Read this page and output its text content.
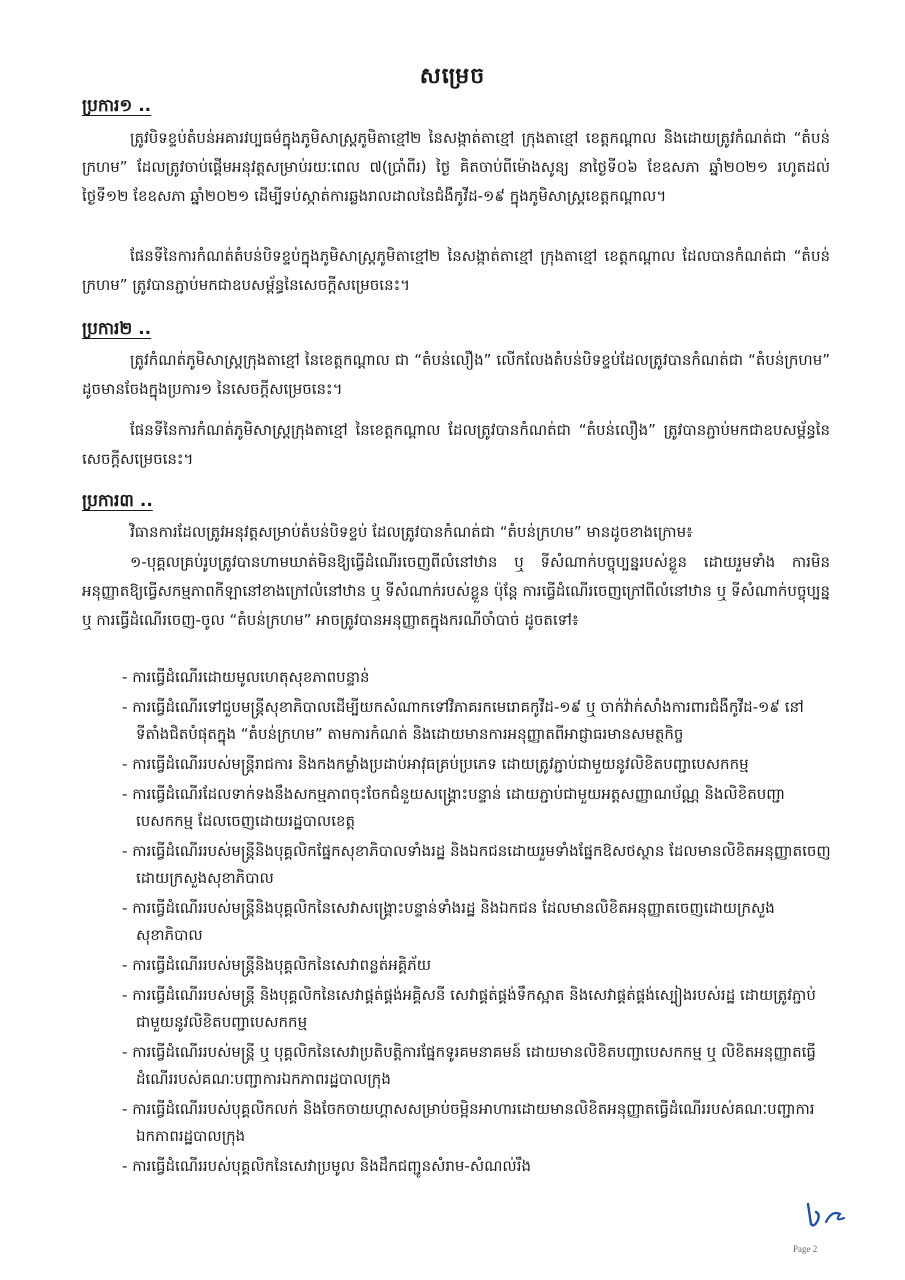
សម្រេច
ប្រការ១ ..
ត្រូវបិទខ្ទប់តំបន់អគារវប្បធម៌ក្នុងភូមិសាស្ត្រភូមិតាខ្មៅ២ នៃសង្កាត់តាខ្មៅ ក្រុងតាខ្មៅ ខេត្តកណ្តាល និងដោយត្រូវកំណត់ជា “តំបន់ក្រហម” ដែលត្រូវចាប់ផ្តើមអនុវត្តសម្រាប់រយៈពេល ៧(ប្រាំពីរ) ថ្ងៃ គិតចាប់ពីម៉ោងសូន្យ នាថ្ងៃទី០៦ ខែឧសភា ឆ្នាំ២០២១ រហូតដល់ថ្ងៃទី១២ ខែឧសភា ឆ្នាំ២០២១ ដើម្បីទប់ស្កាត់ការឆ្លងរាលដាលនៃជំងឺកូវីដ-១៩ ក្នុងភូមិសាស្ត្រខេត្តកណ្តាល។
ផែនទីនៃការកំណត់តំបន់បិទខ្ទប់ក្នុងភូមិសាស្ត្រភូមិតាខ្មៅ២ នៃសង្កាត់តាខ្មៅ ក្រុងតាខ្មៅ ខេត្តកណ្តាល ដែលបានកំណត់ជា “តំបន់ក្រហម” ត្រូវបានភ្ជាប់មកជាឧបសម្ព័ន្ធនៃសេចក្តីសម្រេចនេះ។
ប្រការ២ ..
ត្រូវកំណត់ភូមិសាស្ត្រក្រុងតាខ្មៅ នៃខេត្តកណ្តាល ជា “តំបន់លឿង” លើកលែងតំបន់បិទខ្ទប់ដែលត្រូវបានកំណត់ជា “តំបន់ក្រហម” ដូចមានចែងក្នុងប្រការ១ នៃសេចក្តីសម្រេចនេះ។
ផែនទីនៃការកំណត់ភូមិសាស្ត្រក្រុងតាខ្មៅ នៃខេត្តកណ្តាល ដែលត្រូវបានកំណត់ជា “តំបន់លឿង” ត្រូវបានភ្ជាប់មកជាឧបសម្ព័ន្ធនៃសេចក្តីសម្រេចនេះ។
ប្រការ៣ ..
វិធានការដែលត្រូវអនុវត្តសម្រាប់តំបន់បិទខ្ទប់ ដែលត្រូវបានកំណត់ជា “តំបន់ក្រហម” មានដូចខាងក្រោម៖
១-បុគ្គលគ្រប់រូបត្រូវបានហាមឃាត់មិនឱ្យធ្វើដំណើរចេញពីលំនៅឋាន ឬ ទីសំណាក់បច្ចុប្បន្នរបស់ខ្លួន ដោយរួមទាំង ការមិនអនុញ្ញាតឱ្យធ្វើសកម្មភាពកីឡានៅខាងក្រៅលំនៅឋាន ឬ ទីសំណាក់របស់ខ្លួន ប៉ុន្តែ ការធ្វើដំណើរចេញក្រៅពីលំនៅឋាន ឬ ទីសំណាក់បច្ចុប្បន្ន ឬ ការធ្វើដំណើរចេញ-ចូល “តំបន់ក្រហម” អាចត្រូវបានអនុញ្ញាតក្នុងករណីចាំបាច់ ដូចតទៅ៖
- ការធ្វើដំណើរដោយមូលហេតុសុខភាពបន្ទាន់
- ការធ្វើដំណើរទៅជួបមន្ត្រីសុខាភិបាលដើម្បីយកសំណាកទៅវិភាគរកមេរោគកូវីដ-១៩ ឬ ចាក់វ៉ាក់សាំងការពារជំងឺកូវីដ-១៩ នៅទីតាំងជិតបំផុតក្នុង “តំបន់ក្រហម” តាមការកំណត់ និងដោយមានការអនុញ្ញាតពីអាជ្ញាធរមានសមត្ថកិច្ច
- ការធ្វើដំណើររបស់មន្ត្រីរាជការ និងកងកម្លាំងប្រដាប់អាវុធគ្រប់ប្រភេទ ដោយត្រូវភ្ជាប់ជាមួយនូវលិខិតបញ្ជាបេសកកម្ម
- ការធ្វើដំណើរដែលទាក់ទងនឹងសកម្មភាពចុះចែកជំនួយសង្គ្រោះបន្ទាន់ ដោយភ្ជាប់ជាមួយអត្តសញ្ញាណប័ណ្ណ និងលិខិតបញ្ជាបេសកកម្ម ដែលចេញដោយរដ្ឋបាលខេត្ត
- ការធ្វើដំណើររបស់មន្ត្រីនិងបុគ្គលិកផ្នែកសុខាភិបាលទាំងរដ្ឋ និងឯកជនដោយរួមទាំងផ្នែកឱសថស្ថាន ដែលមានលិខិតអនុញ្ញាតចេញដោយក្រសួងសុខាភិបាល
- ការធ្វើដំណើររបស់មន្ត្រីនិងបុគ្គលិកនៃសេវាសង្គ្រោះបន្ទាន់ទាំងរដ្ឋ និងឯកជន ដែលមានលិខិតអនុញ្ញាតចេញដោយក្រសួងសុខាភិបាល
- ការធ្វើដំណើររបស់មន្ត្រីនិងបុគ្គលិកនៃសេវាពន្លត់អគ្គិភ័យ
- ការធ្វើដំណើររបស់មន្ត្រី និងបុគ្គលិកនៃសេវាផ្គត់ផ្គង់អគ្គិសនី សេវាផ្គត់ផ្គង់ទឹកស្អាត និងសេវាផ្គត់ផ្គង់ស្បៀងរបស់រដ្ឋ ដោយត្រូវភ្ជាប់ជាមួយនូវលិខិតបញ្ជាបេសកកម្ម
- ការធ្វើដំណើររបស់មន្ត្រី ឬ បុគ្គលិកនៃសេវាប្រតិបត្តិការផ្នែកទូរគមនាគមន៍ ដោយមានលិខិតបញ្ជាបេសកកម្ម ឬ លិខិតអនុញ្ញាតធ្វើដំណើររបស់គណៈបញ្ជាការឯកភាពរដ្ឋបាលក្រុង
- ការធ្វើដំណើររបស់បុគ្គលិកលក់ និងចែកចាយហ្គាសសម្រាប់ចម្អិនអាហារដោយមានលិខិតអនុញ្ញាតធ្វើដំណើររបស់គណៈបញ្ជាការឯកភាពរដ្ឋបាលក្រុង
- ការធ្វើដំណើររបស់បុគ្គលិកនៃសេវាប្រមូល និងដឹកជញ្ជូនសំរាម-សំណល់រឹង
Page 2
